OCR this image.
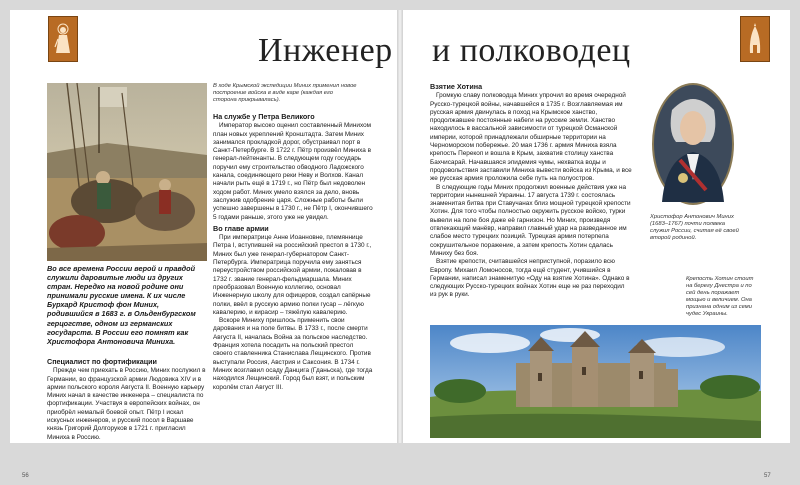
Инженер и полководец
В ходе Крымской экспедиции Миних применил новое построение войска в виде каре (каждая его сторона прикрывалась).
Во все времена России верой и правдой служили даровитые люди из других стран. Нередко на новой родине они принимали русские имена. К их числе Бурхард Кристоф фон Миних, родившийся в 1683 г. в Ольденбургском герцогстве, одном из германских государств. В России его помнят как Христофора Антоновича Миниха.
Специалист по фортификации

Прежде чем приехать в Россию, Миних послужил в Германии, во французской армии Людовика XIV и в армии польского короля Августа II. Военную карьеру Миних начал в качестве инженера – специалиста по фортификации. Участвуя в европейских войнах, он приобрёл немалый боевой опыт. Пётр I искал искусных инженеров, и русский посол в Варшаве князь Григорий Долгоруков в 1721 г. пригласил Миниха в Россию.

На службе у Петра Великого

Император высоко оценил составленный Минихом план новых укреплений Кронштадта. Затем Миних занимался прокладкой дорог, обустраивал порт в Санкт-Петербурге. В 1722 г. Пётр произвёл Миниха в генерал-лейтенанты. В следующем году государь поручил ему строительство обводного Ладожского канала, соединяющего реки Неву и Волхов. Канал начали рыть ещё в 1719 г., но Пётр был недоволен ходом работ. Миних умело взялся за дело, вновь заслужив одобрение царя. Сложные работы были успешно завершены в 1730 г., не Пётр I, окончившего 5 годами раньше, этого уже не увидел.

Во главе армии

При императрице Анне Иоанновне, племяннице Петра I, вступившей на российский престол в 1730 г., Миних был уже генерал-губернатором Санкт-Петербурга. Императрица поручила ему заняться переустройством российской армии, пожаловав в 1732 г. звание генерал-фельдмаршала. Миних преобразовал Военную коллегию, основал Инженерную школу для офицеров, создал сапёрные полки, ввёл в русскую армию полки гусар – лёгкую кавалерию, и кирасир – тяжёлую кавалерию.

Вскоре Миниху пришлось применить свои дарования и на поле битвы. В 1733 г., после смерти Августа II, началась Война за польское наследство. Франция хотела посадить на польский престол своего ставленника Станислава Лещинского. Против выступали Россия, Австрия и Саксония. В 1734 г. Миних возглавил осаду Данцига (Гданьска), где тогда находился Лещинский. Город был взят, и польским королём стал Август III.

56
Взятие Хотина

Громкую славу полководца Миних упрочил во время очередной Русско-турецкой войны, начавшейся в 1735 г. Возглавляемая им русская армия двинулась в поход на Крымское ханство, продолжавшее постоянные набеги на русские земли. Ханство находилось в вассальной зависимости от турецкой Османской империи, которой принадлежали обширные территории на Черноморском побережье. 20 мая 1736 г. армия Миниха взяла крепость Перекоп и вошла в Крым, захватив столицу ханства Бахчисарай. Начавшаяся эпидемия чумы, нехватка воды и продовольствия заставили Миниха вывести войска из Крыма, и все же русская армия проложила себе путь на полуостров.

В следующие годы Миних продолжил военные действия уже на территории нынешней Украины. 17 августа 1739 г. состоялась знаменитая битва при Ставучанах близ мощной турецкой крепости Хотин. Для того чтобы полностью окружить русское войско, турки вывели на поле боя даже её гарнизон. Но Миних, произведя отвлекающий манёвр, направил главный удар на разведанное им слабое место турецких позиций. Турецкая армия потерпела сокрушительное поражение, а затем крепость Хотин сдалась Миниху без боя.

Взятие крепости, считавшейся неприступной, поразило всю Европу. Михаил Ломоносов, тогда ещё студент, учившийся в Германии, написал знаменитую «Оду на взятие Хотина». Однако в следующих Русско-турецких войнах Хотин еще не раз переходил из рук в руки.

Христофор Антонович Миних (1683–1767) почти полвека служил России, считая её своей второй родиной.
Крепость Хотин стоит на берегу Днестра и по сей день поражает мощью и величием. Она признана одним из семи чудес Украины.
57
